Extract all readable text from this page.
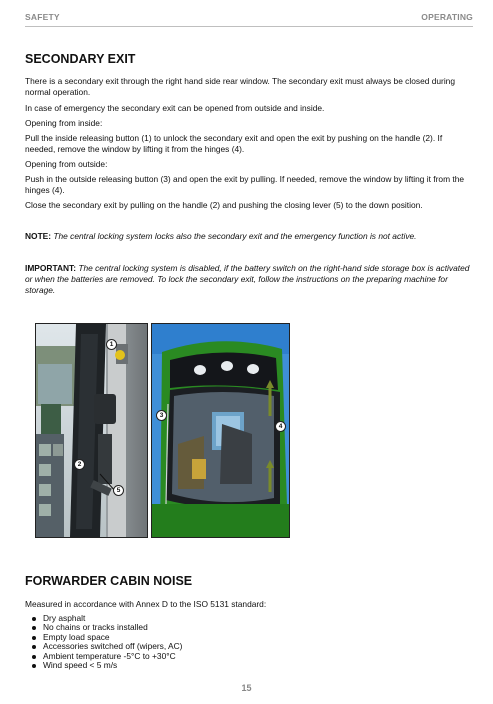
SAFETY	OPERATING
SECONDARY EXIT
There is a secondary exit through the right hand side rear window. The secondary exit must always be closed during normal operation.
In case of emergency the secondary exit can be opened from outside and inside.
Opening from inside:
Pull the inside releasing button (1) to unlock the secondary exit and open the exit by pushing on the handle (2). If needed, remove the window by lifting it from the hinges (4).
Opening from outside:
Push in the outside releasing button (3) and open the exit by pulling. If needed, remove the window by lifting it from the hinges (4).
Close the secondary exit by pulling on the handle (2) and pushing the closing lever (5) to the down position.
NOTE: The central locking system locks also the secondary exit and the emergency function is not active.
IMPORTANT: The central locking system is disabled, if the battery switch on the right-hand side storage box is activated or when the batteries are removed. To lock the secondary exit, follow the instructions on the preparing machine for storage.
1
2
5
3
4
FORWARDER CABIN NOISE
Measured in accordance with Annex D to the ISO 5131 standard:
Dry asphalt
No chains or tracks installed
Empty load space
Accessories switched off (wipers, AC)
Ambient temperature -5°C to +30°C
Wind speed < 5 m/s
15
